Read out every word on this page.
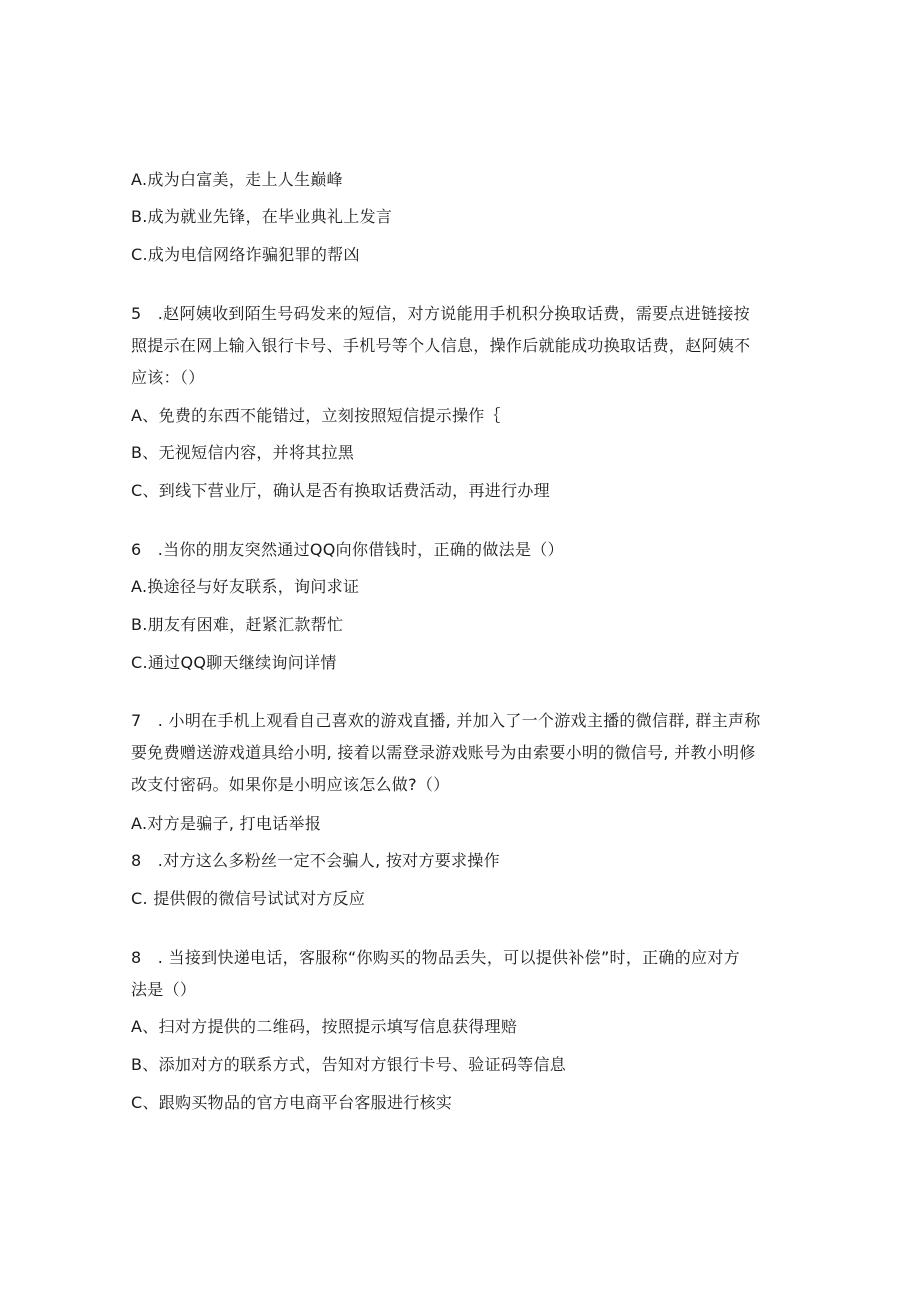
A.成为白富美，走上人生巅峰
B.成为就业先锋，在毕业典礼上发言
C.成为电信网络诈骗犯罪的帮凶
5　.赵阿姨收到陌生号码发来的短信，对方说能用手机积分换取话费，需要点进链接按
照提示在网上输入银行卡号、手机号等个人信息，操作后就能成功换取话费，赵阿姨不
应该：（）
A、免费的东西不能错过，立刻按照短信提示操作｛
B、无视短信内容，并将其拉黑
C、到线下营业厅，确认是否有换取话费活动，再进行办理
6　.当你的朋友突然通过QQ向你借钱时，正确的做法是（）
A.换途径与好友联系，询问求证
B.朋友有困难，赶紧汇款帮忙
C.通过QQ聊天继续询问详情
7　. 小明在手机上观看自己喜欢的游戏直播, 并加入了一个游戏主播的微信群, 群主声称
要免费赠送游戏道具给小明, 接着以需登录游戏账号为由索要小明的微信号, 并教小明修
改支付密码。如果你是小明应该怎么做?（）
A.对方是骗子, 打电话举报
8　.对方这么多粉丝一定不会骗人, 按对方要求操作
C. 提供假的微信号试试对方反应
8　. 当接到快递电话，客服称“你购买的物品丢失，可以提供补偿”时，正确的应对方
法是（）
A、扫对方提供的二维码，按照提示填写信息获得理赔
B、添加对方的联系方式，告知对方银行卡号、验证码等信息
C、跟购买物品的官方电商平台客服进行核实
